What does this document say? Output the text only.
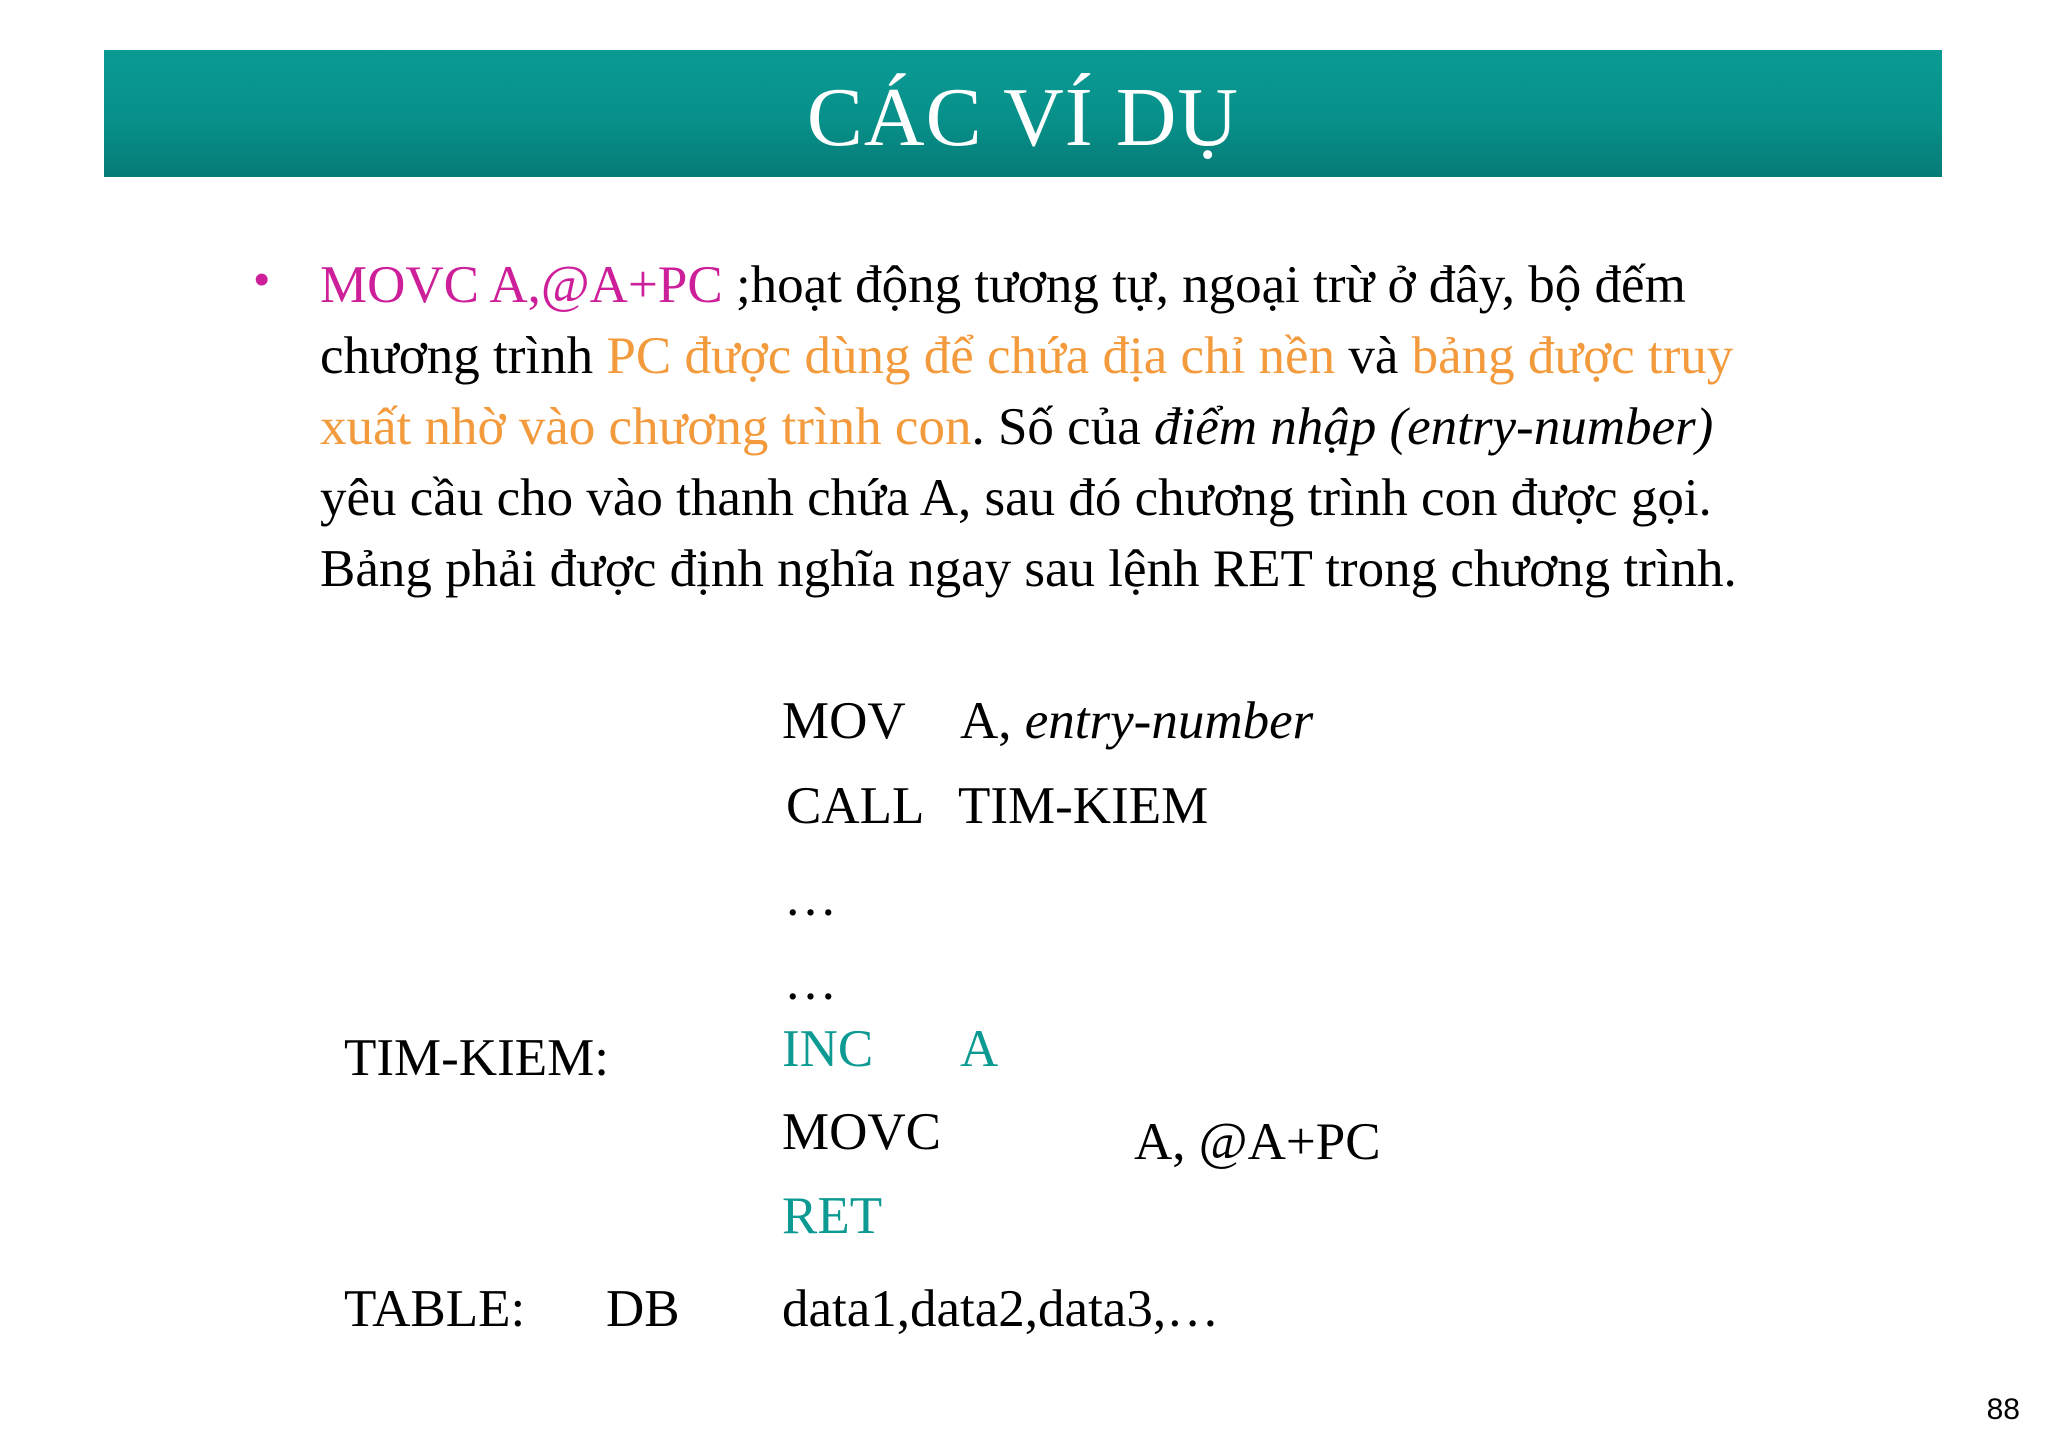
CÁC VÍ DỤ
• MOVC A,@A+PC ;hoạt động tương tự, ngoại trừ ở đây, bộ đếm chương trình PC được dùng để chứa địa chỉ nền và bảng được truy xuất nhờ vào chương trình con. Số của điểm nhập (entry-number) yêu cầu cho vào thanh chứa A, sau đó chương trình con được gọi. Bảng phải được định nghĩa ngay sau lệnh RET trong chương trình.
MOV A, entry-number
CALL TIM-KIEM
…
…
TIM-KIEM:	INC A
MOVC	A, @A+PC
RET
TABLE: DB data1,data2,data3,…
88
